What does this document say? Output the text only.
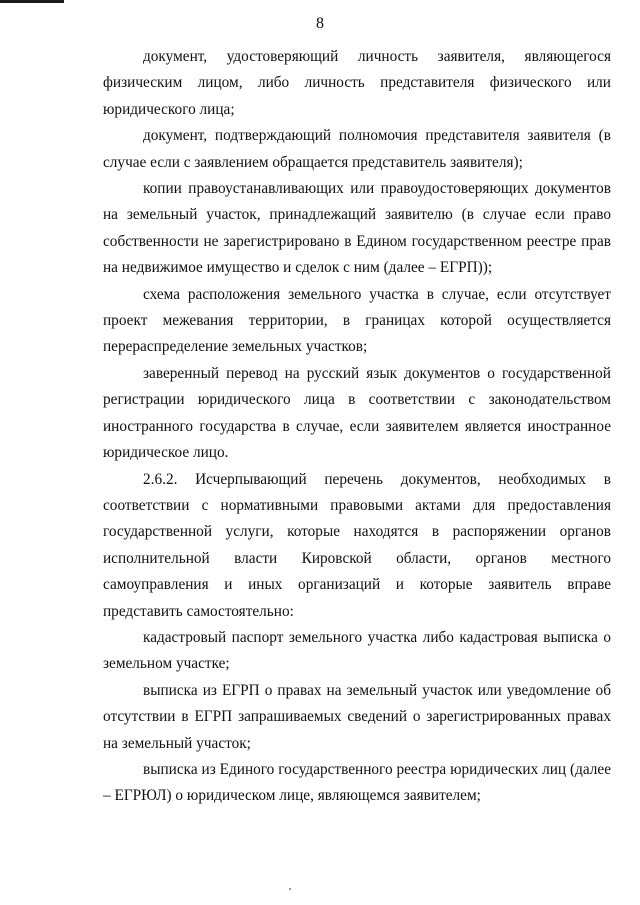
8

документ, удостоверяющий личность заявителя, являющегося физическим лицом, либо личность представителя физического или юридического лица;

документ, подтверждающий полномочия представителя заявителя (в случае если с заявлением обращается представитель заявителя);

копии правоустанавливающих или правоудостоверяющих документов на земельный участок, принадлежащий заявителю (в случае если право собственности не зарегистрировано в Едином государственном реестре прав на недвижимое имущество и сделок с ним (далее – ЕГРП));

схема расположения земельного участка в случае, если отсутствует проект межевания территории, в границах которой осуществляется перераспределение земельных участков;

заверенный перевод на русский язык документов о государственной регистрации юридического лица в соответствии с законодательством иностранного государства в случае, если заявителем является иностранное юридическое лицо.

2.6.2. Исчерпывающий перечень документов, необходимых в соответствии с нормативными правовыми актами для предоставления государственной услуги, которые находятся в распоряжении органов исполнительной власти Кировской области, органов местного самоуправления и иных организаций и которые заявитель вправе представить самостоятельно:

кадастровый паспорт земельного участка либо кадастровая выписка о земельном участке;

выписка из ЕГРП о правах на земельный участок или уведомление об отсутствии в ЕГРП запрашиваемых сведений о зарегистрированных правах на земельный участок;

выписка из Единого государственного реестра юридических лиц (далее – ЕГРЮЛ) о юридическом лице, являющемся заявителем;
